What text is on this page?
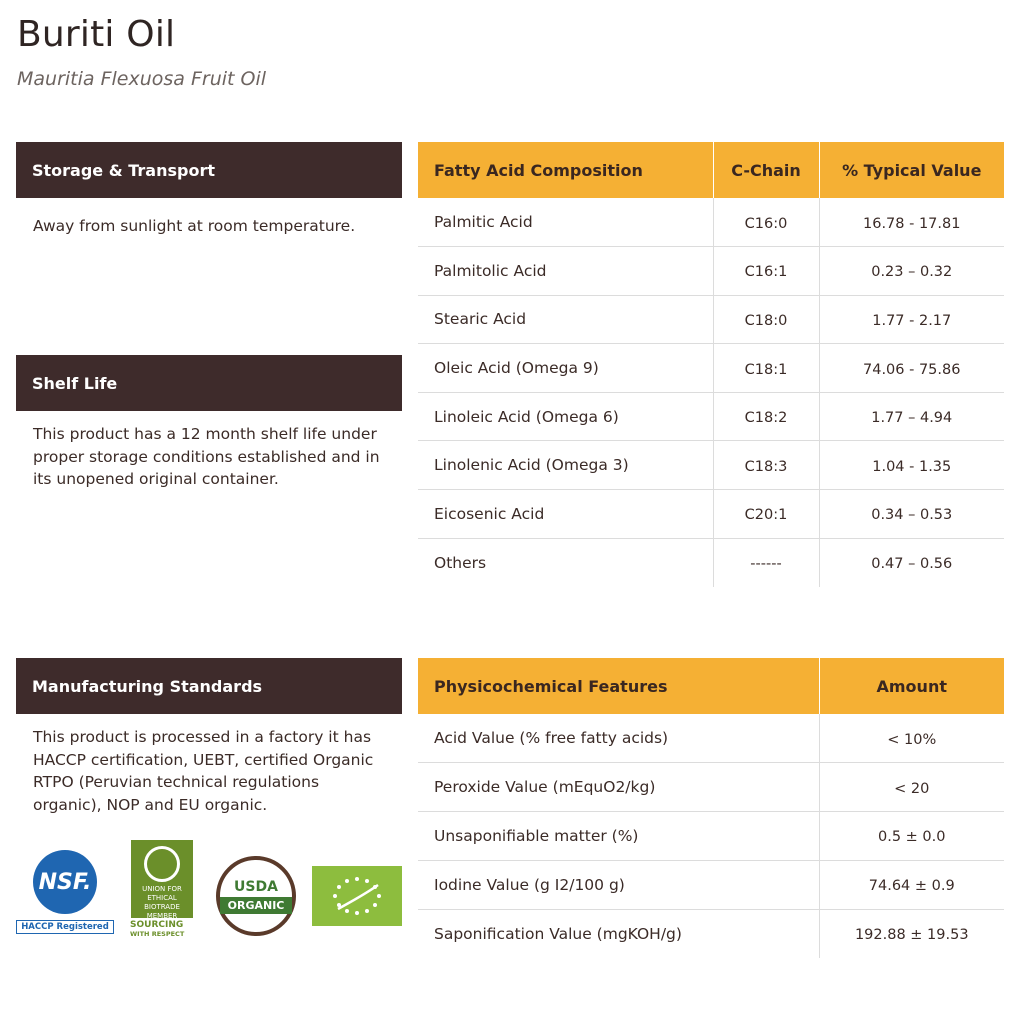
Buriti Oil
Mauritia Flexuosa Fruit Oil
Storage & Transport
Away from sunlight at room temperature.
Shelf Life
This product has a 12 month shelf life under proper storage conditions established and in its unopened original container.
Manufacturing Standards
This product is processed in a factory it has HACCP certification, UEBT, certified Organic RTPO (Peruvian technical regulations organic), NOP and EU organic.
Fatty Acid Composition	C-Chain	% Typical Value
Palmitic Acid	C16:0	16.78 - 17.81
Palmitolic Acid	C16:1	0.23 – 0.32
Stearic Acid	C18:0	1.77 - 2.17
Oleic Acid (Omega 9)	C18:1	74.06 - 75.86
Linoleic Acid (Omega 6)	C18:2	1.77 – 4.94
Linolenic Acid (Omega 3)	C18:3	1.04 - 1.35
Eicosenic Acid	C20:1	0.34 – 0.53
Others	------	0.47 – 0.56
Physicochemical Features	Amount
Acid Value (% free fatty acids)	< 10%
Peroxide Value (mEquO2/kg)	< 20
Unsaponifiable matter (%)	0.5 ± 0.0
Iodine Value (g I2/100 g)	74.64 ± 0.9
Saponification Value (mgKOH/g)	192.88 ± 19.53
NSF.
HACCP Registered
UNION FOR
ETHICAL
BIOTRADE
MEMBER
SOURCING
WITH RESPECT
USDA
ORGANIC
